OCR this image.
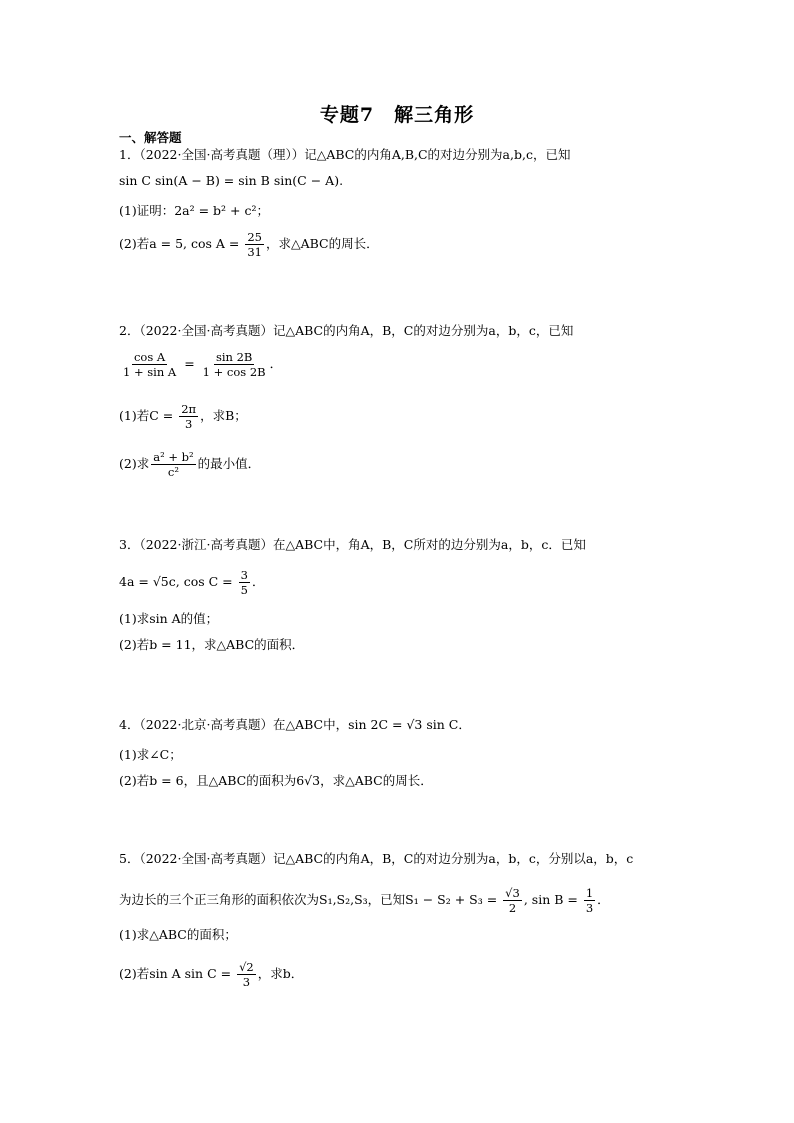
专题7　解三角形
一、解答题
1．（2022·全国·高考真题（理））记△ABC的内角A,B,C的对边分别为a,b,c，已知
sin C sin(A − B) = sin B sin(C − A).
(1)证明：2a² = b² + c²；
(2)若a = 5, $\cos A = \frac{25}{31}$ ，求△ABC的周长．
2．（2022·全国·高考真题）记△ABC的内角A，B，C的对边分别为a，b，c，已知
$\frac{\text{cos A}}{\text{1 + sin A}} = \frac{\sin 2B}{1 + \cos 2B}$ ．
(1)若$C = \frac{2\pi}{3}$ ，求B；
(2)求 $\frac{\text{a² + b²}}{\text{c²}}$ 的最小值．
3．（2022·浙江·高考真题）在△ABC中，角A，B，C所对的边分别为a，b，c．已知
4a = √5c, $\cos C = \frac{3}{5}$ ．
(1)求sin A的值；
(2)若b = 11，求△ABC的面积．
4．（2022·北京·高考真题）在△ABC中，sin 2C = √3 sin C．
(1)求∠C；
(2)若b = 6，且△ABC的面积为6√3，求△ABC的周长．
5．（2022·全国·高考真题）记△ABC的内角A，B，C的对边分别为a，b，c，分别以a，b，c
为边长的三个正三角形的面积依次为S₁,S₂,S₃，已知$S_1 - S_2 + S_3 = \frac{√3}{2}$ , $\sin B = \frac{1}{3}$ ．
(1)求△ABC的面积；
(2)若sin A $\sin C = \frac{√2}{3}$ ，求b．
